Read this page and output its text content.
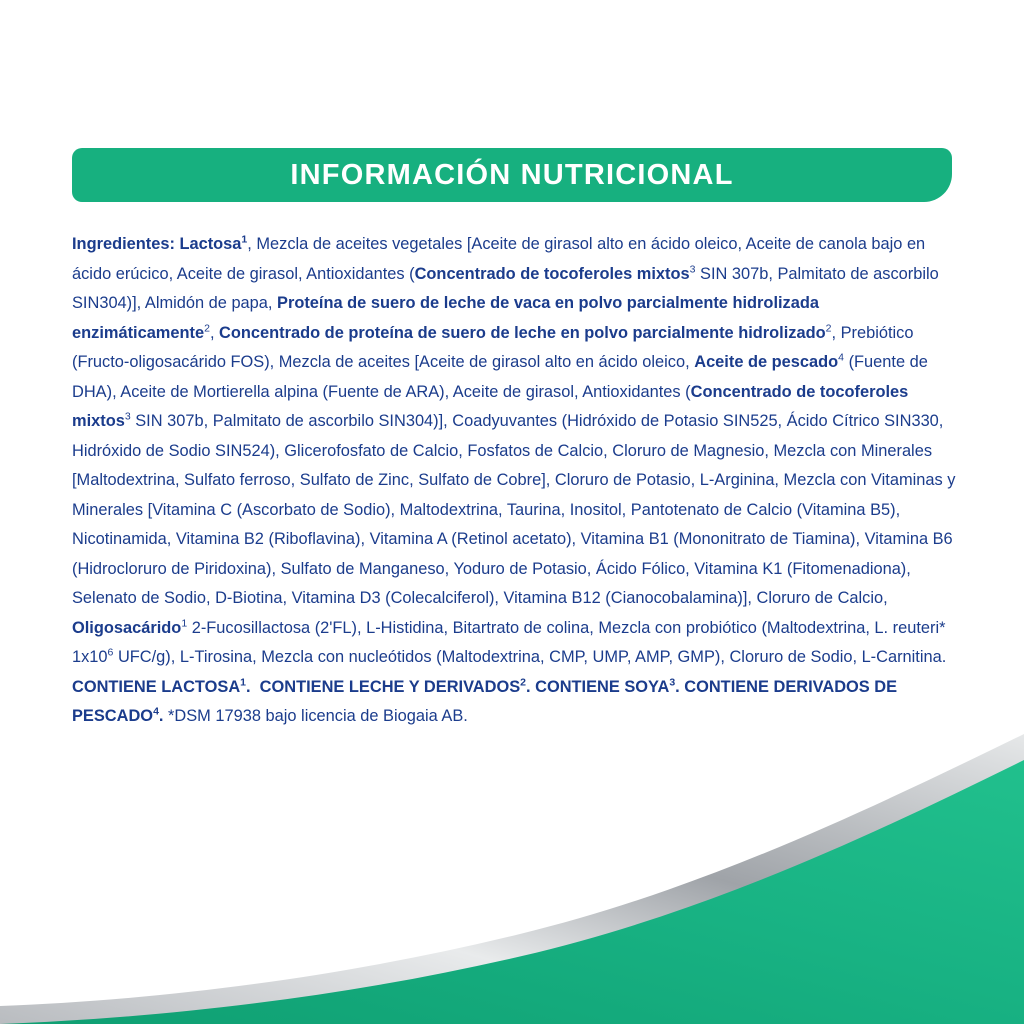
INFORMACIÓN NUTRICIONAL
Ingredientes: Lactosa$^1$, Mezcla de aceites vegetales [Aceite de girasol alto en ácido oleico, Aceite de canola bajo en ácido erúcico, Aceite de girasol, Antioxidantes (Concentrado de tocoferoles mixtos$^3$ SIN 307b, Palmitato de ascorbilo SIN304)], Almidón de papa, Proteína de suero de leche de vaca en polvo parcialmente hidrolizada enzimáticamente$^2$, Concentrado de proteína de suero de leche en polvo parcialmente hidrolizado$^2$, Prebiótico (Fructo-oligosacárido FOS), Mezcla de aceites [Aceite de girasol alto en ácido oleico, Aceite de pescado$^4$ (Fuente de DHA), Aceite de Mortierella alpina (Fuente de ARA), Aceite de girasol, Antioxidantes (Concentrado de tocoferoles mixtos$^3$ SIN 307b, Palmitato de ascorbilo SIN304)], Coadyuvantes (Hidróxido de Potasio SIN525, Ácido Cítrico SIN330, Hidróxido de Sodio SIN524), Glicerofosfato de Calcio, Fosfatos de Calcio, Cloruro de Magnesio, Mezcla con Minerales [Maltodextrina, Sulfato ferroso, Sulfato de Zinc, Sulfato de Cobre], Cloruro de Potasio, L-Arginina, Mezcla con Vitaminas y Minerales [Vitamina C (Ascorbato de Sodio), Maltodextrina, Taurina, Inositol, Pantotenato de Calcio (Vitamina B5), Nicotinamida, Vitamina B2 (Riboflavina), Vitamina A (Retinol acetato), Vitamina B1 (Mononitrato de Tiamina), Vitamina B6 (Hidrocloruro de Piridoxina), Sulfato de Manganeso, Yoduro de Potasio, Ácido Fólico, Vitamina K1 (Fitomenadiona), Selenato de Sodio, D-Biotina, Vitamina D3 (Colecalciferol), Vitamina B12 (Cianocobalamina)], Cloruro de Calcio, Oligosacárido$^1$ 2-Fucosillactosa (2'FL), L-Histidina, Bitartrato de colina, Mezcla con probiótico (Maltodextrina, L. reuteri* $1x10^6$ UFC/g), L-Tirosina, Mezcla con nucleótidos (Maltodextrina, CMP, UMP, AMP, GMP), Cloruro de Sodio, L-Carnitina. CONTIENE LACTOSA$^1$.  CONTIENE LECHE Y DERIVADOS$^2$. CONTIENE SOYA$^3$. CONTIENE DERIVADOS DE PESCADO$^4$. *DSM 17938 bajo licencia de Biogaia AB.
